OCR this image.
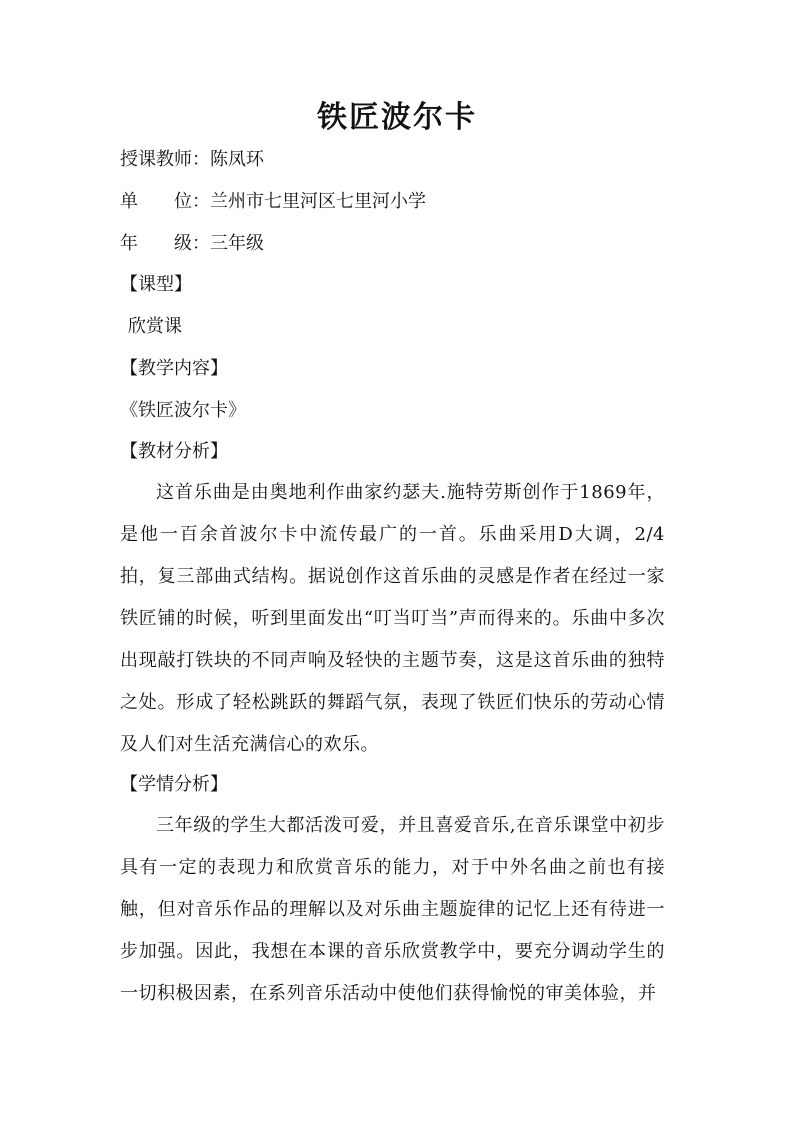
铁匠波尔卡
授课教师：陈凤环
单 位：兰州市七里河区七里河小学
年 级：三年级
【课型】
欣赏课
【教学内容】
《铁匠波尔卡》
【教材分析】
这首乐曲是由奥地利作曲家约瑟夫.施特劳斯创作于1869年，是他一百余首波尔卡中流传最广的一首。乐曲采用D大调，2/4 拍，复三部曲式结构。据说创作这首乐曲的灵感是作者在经过一家铁匠铺的时候，听到里面发出“叮当叮当”声而得来的。乐曲中多次出现敲打铁块的不同声响及轻快的主题节奏，这是这首乐曲的独特之处。形成了轻松跳跃的舞蹈气氛，表现了铁匠们快乐的劳动心情及人们对生活充满信心的欢乐。
【学情分析】
三年级的学生大都活泼可爱，并且喜爱音乐,在音乐课堂中初步具有一定的表现力和欣赏音乐的能力，对于中外名曲之前也有接触，但对音乐作品的理解以及对乐曲主题旋律的记忆上还有待进一步加强。因此，我想在本课的音乐欣赏教学中，要充分调动学生的一切积极因素，在系列音乐活动中使他们获得愉悦的审美体验，并
